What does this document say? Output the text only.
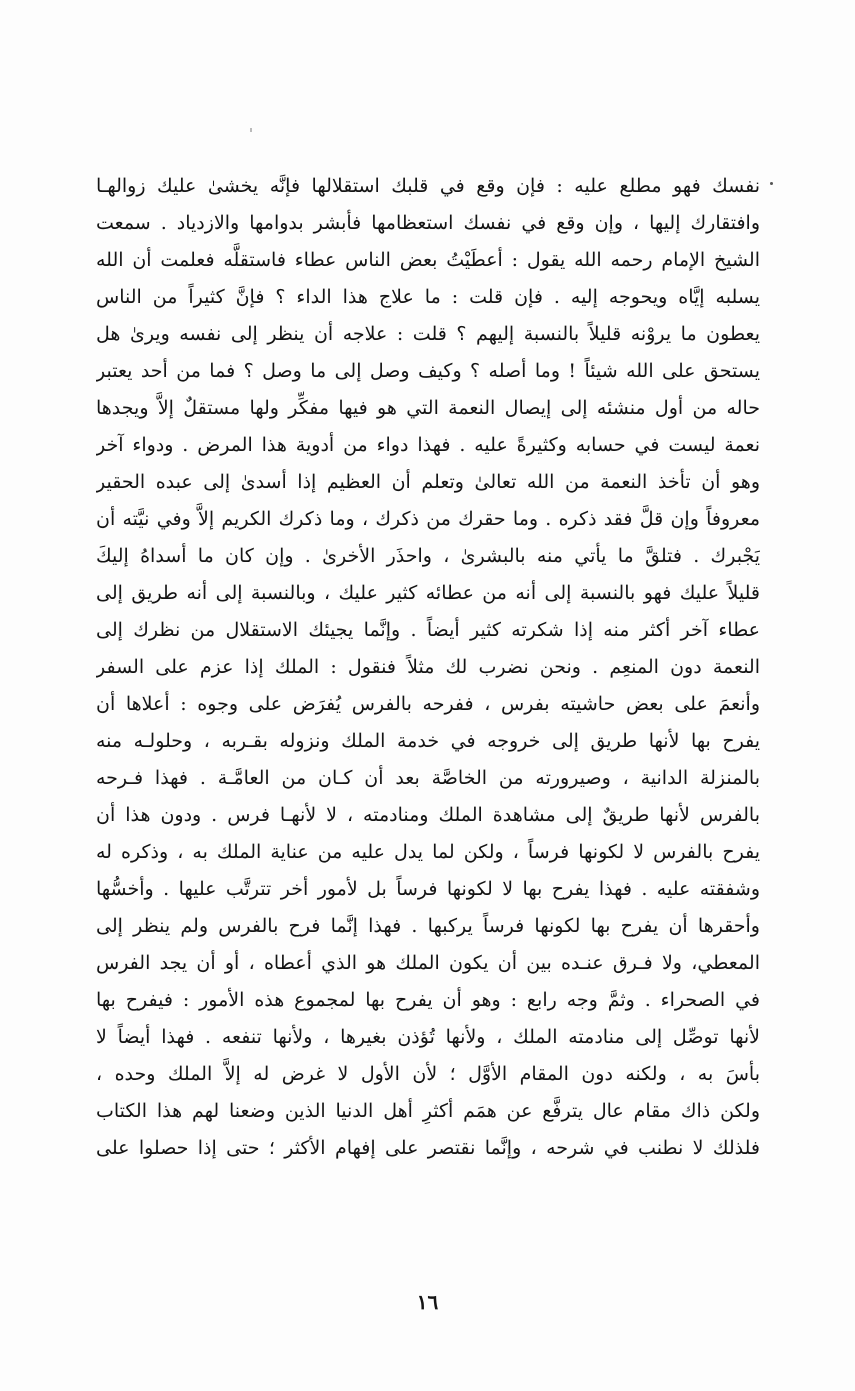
نفسك فهو مطلع عليه : فإن وقع في قلبك استقلالها فإنَّه يخشىٰ عليك زوالهـا
وافتقارك إليها ، وإن وقع في نفسك استعظامها فأبشر بدوامها والازدياد . سمعت
الشيخ الإمام رحمه الله يقول : أعطَيْتُ بعض الناس عطاء فاستقلَّه فعلمت أن الله
يسلبه إيَّاه ويحوجه إليه . فإن قلت : ما علاج هذا الداء ؟ فإنَّ كثيراً من الناس
يعطون ما يروْنه قليلاً بالنسبة إليهم ؟ قلت : علاجه أن ينظر إلى نفسه ويرىٰ هل
يستحق على الله شيئاً ! وما أصله ؟ وكيف وصل إلى ما وصل ؟ فما من أحد يعتبر
حاله من أول منشئه إلى إيصال النعمة التي هو فيها مفكِّر ولها مستقلٌ إلاَّ ويجدها
نعمة ليست في حسابه وكثيرةً عليه . فهذا دواء من أدوية هذا المرض . ودواء آخر
وهو أن تأخذ النعمة من الله تعالىٰ وتعلم أن العظيم إذا أسدىٰ إلى عبده الحقير
معروفاً وإن قلَّ فقد ذكره . وما حقرك من ذكرك ، وما ذكرك الكريم إلاَّ وفي نيَّته أن
يَجْبرك . فتلقَّ ما يأتي منه بالبشرىٰ ، واحذَر الأخرىٰ . وإن كان ما أسداهُ إليكَ
قليلاً عليك فهو بالنسبة إلى أنه من عطائه كثير عليك ، وبالنسبة إلى أنه طريق إلى
عطاء آخر أكثر منه إذا شكرته كثير أيضاً . وإنَّما يجيئك الاستقلال من نظرك إلى
النعمة دون المنعِم . ونحن نضرب لك مثلاً فنقول : الملك إذا عزم على السفر
وأنعمَ على بعض حاشيته بفرس ، ففرحه بالفرس يُفرَض على وجوه : أعلاها أن
يفرح بها لأنها طريق إلى خروجه في خدمة الملك ونزوله بقـربه ، وحلولـه منه
بالمنزلة الدانية ، وصيرورته من الخاصَّة بعد أن كـان من العامَّـة . فهذا فـرحه
بالفرس لأنها طريقٌ إلى مشاهدة الملك ومنادمته ، لا لأنهـا فرس . ودون هذا أن
يفرح بالفرس لا لكونها فرساً ، ولكن لما يدل عليه من عناية الملك به ، وذكره له
وشفقته عليه . فهذا يفرح بها لا لكونها فرساً بل لأمور أخر تترتَّب عليها . وأخسُّها
وأحقرها أن يفرح بها لكونها فرساً يركبها . فهذا إنَّما فرح بالفرس ولم ينظر إلى
المعطي، ولا فـرق عنـده بين أن يكون الملك هو الذي أعطاه ، أو أن يجد الفرس
في الصحراء . وثمَّ وجه رابع : وهو أن يفرح بها لمجموع هذه الأمور : فيفرح بها
لأنها توصِّل إلى منادمته الملك ، ولأنها تُؤذن بغيرها ، ولأنها تنفعه . فهذا أيضاً لا
بأسَ به ، ولكنه دون المقام الأوَّل ؛ لأن الأول لا غرض له إلاَّ الملك وحده ،
ولكن ذاك مقام عال يترفَّع عن همَم أكثرِ أهل الدنيا الذين وضعنا لهم هذا الكتاب
فلذلك لا نطنب في شرحه ، وإنَّما نقتصر على إفهام الأكثر ؛ حتى إذا حصلوا على
١٦
